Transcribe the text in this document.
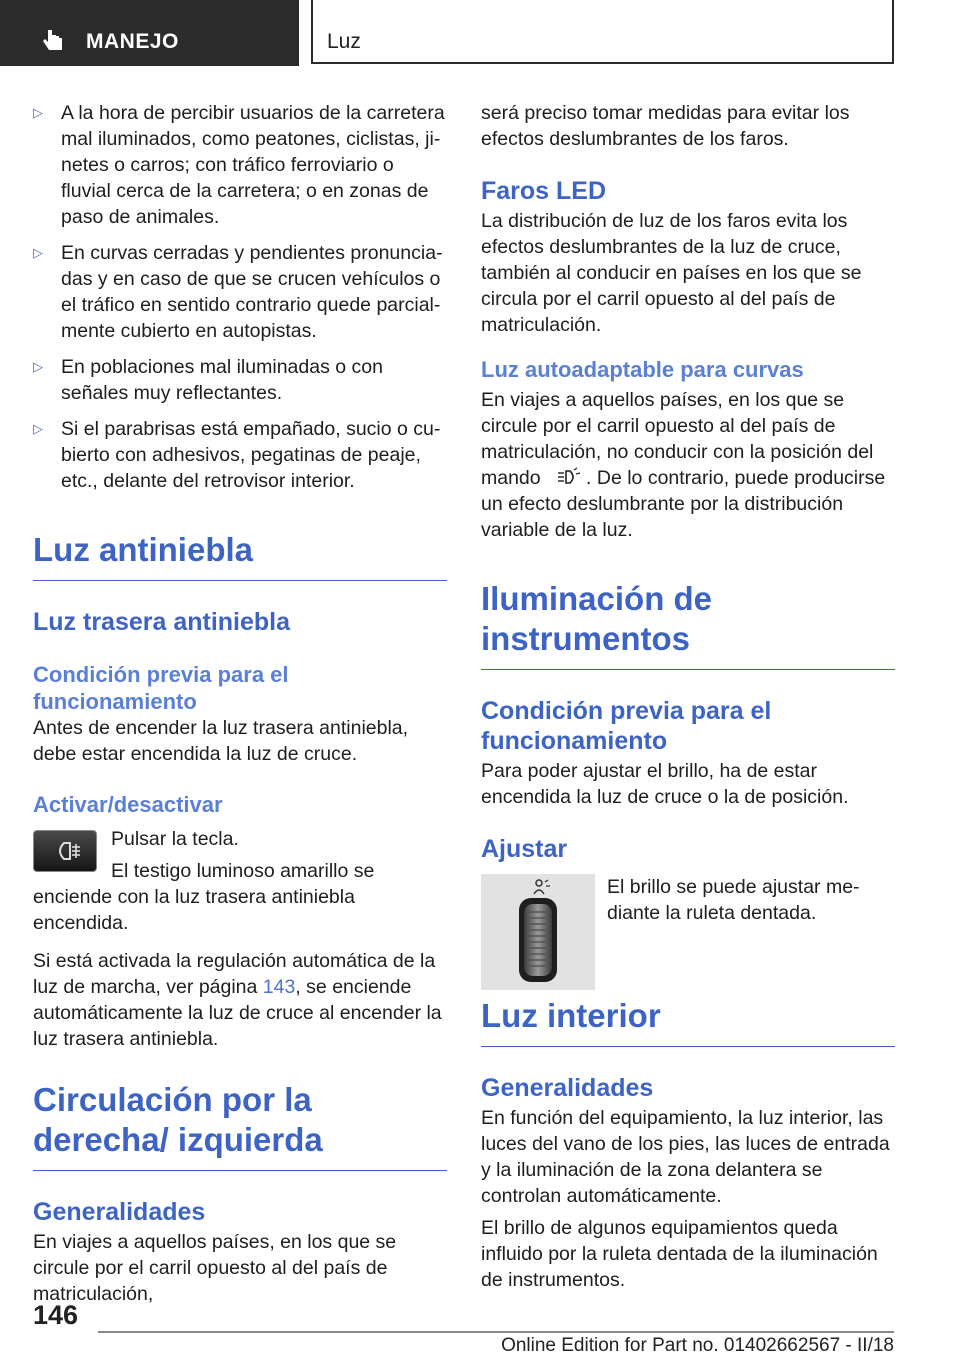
MANEJO	Luz
▷ A la hora de percibir usuarios de la carretera mal iluminados, como peatones, ciclistas, jinetes o carros; con tráfico ferroviario o fluvial cerca de la carretera; o en zonas de paso de animales.

▷ En curvas cerradas y pendientes pronunciadas y en caso de que se crucen vehículos o el tráfico en sentido contrario quede parcialmente cubierto en autopistas.

▷ En poblaciones mal iluminadas o con señales muy reflectantes.

▷ Si el parabrisas está empañado, sucio o cubierto con adhesivos, pegatinas de peaje, etc., delante del retrovisor interior.

Luz antiniebla
Luz trasera antiniebla
Condición previa para el funcionamiento

Antes de encender la luz trasera antiniebla, debe estar encendida la luz de cruce.

Activar/desactivar

Pulsar la tecla.

El testigo luminoso amarillo se enciende con la luz trasera antiniebla encendida.

Si está activada la regulación automática de la luz de marcha, ver página 143, se enciende automáticamente la luz de cruce al encender la luz trasera antiniebla.

Circulación por la derecha/ izquierda
Generalidades

En viajes a aquellos países, en los que se circule por el carril opuesto al del país de matriculación,

será preciso tomar medidas para evitar los efectos deslumbrantes de los faros.

Faros LED

La distribución de luz de los faros evita los efectos deslumbrantes de la luz de cruce, también al conducir en países en los que se circula por el carril opuesto al del país de matriculación.

Luz autoadaptable para curvas

En viajes a aquellos países, en los que se circule por el carril opuesto al del país de matriculación, no conducir con la posición del mando . De lo contrario, puede producirse un efecto deslumbrante por la distribución variable de la luz.

Iluminación de instrumentos
Condición previa para el funcionamiento

Para poder ajustar el brillo, ha de estar encendida la luz de cruce o la de posición.

Ajustar

El brillo se puede ajustar mediante la ruleta dentada.

Luz interior
Generalidades

En función del equipamiento, la luz interior, las luces del vano de los pies, las luces de entrada y la iluminación de la zona delantera se controlan automáticamente.

El brillo de algunos equipamientos queda influido por la ruleta dentada de la iluminación de instrumentos.

146
Online Edition for Part no. 01402662567 - II/18
